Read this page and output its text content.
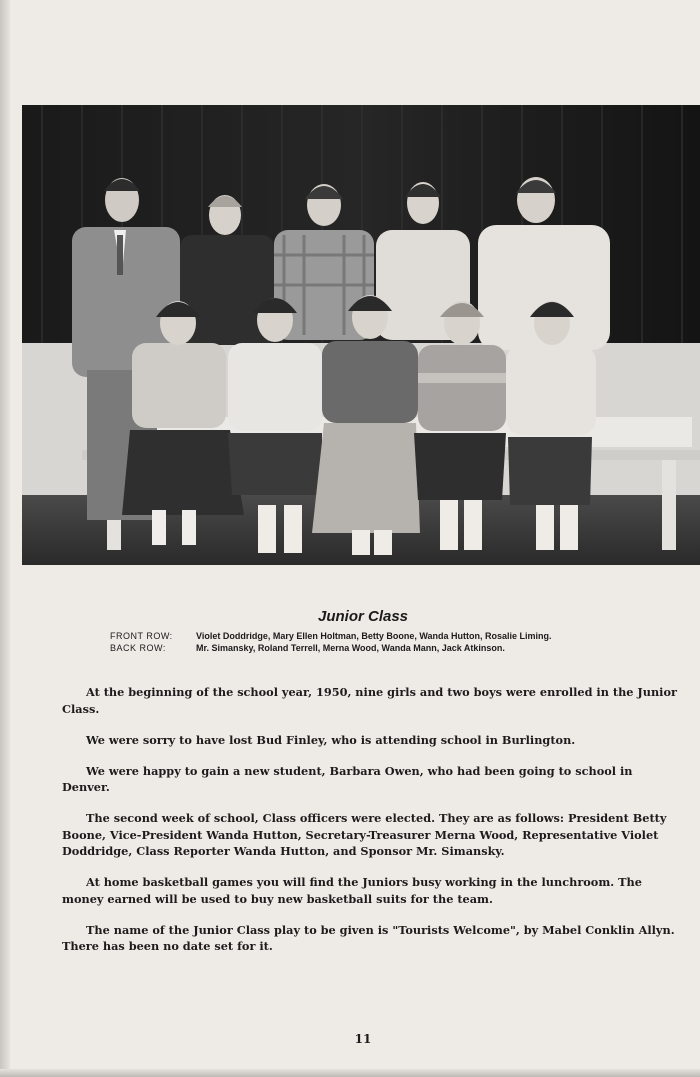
Junior Class
FRONT ROW:	Violet Doddridge, Mary Ellen Holtman, Betty Boone, Wanda Hutton, Rosalie Liming.
BACK ROW:	Mr. Simansky, Roland Terrell, Merna Wood, Wanda Mann, Jack Atkinson.

At the beginning of the school year, 1950, nine girls and two boys were enrolled in the Junior Class.

We were sorry to have lost Bud Finley, who is attending school in Burlington.

We were happy to gain a new student, Barbara Owen, who had been going to school in Denver.

The second week of school, Class officers were elected. They are as follows: President Betty Boone, Vice-President Wanda Hutton, Secretary-Treasurer Merna Wood, Representative Violet Doddridge, Class Reporter Wanda Hutton, and Sponsor Mr. Simansky.

At home basketball games you will find the Juniors busy working in the lunchroom. The money earned will be used to buy new basketball suits for the team.

The name of the Junior Class play to be given is "Tourists Welcome", by Mabel Conklin Allyn. There has been no date set for it.

11
